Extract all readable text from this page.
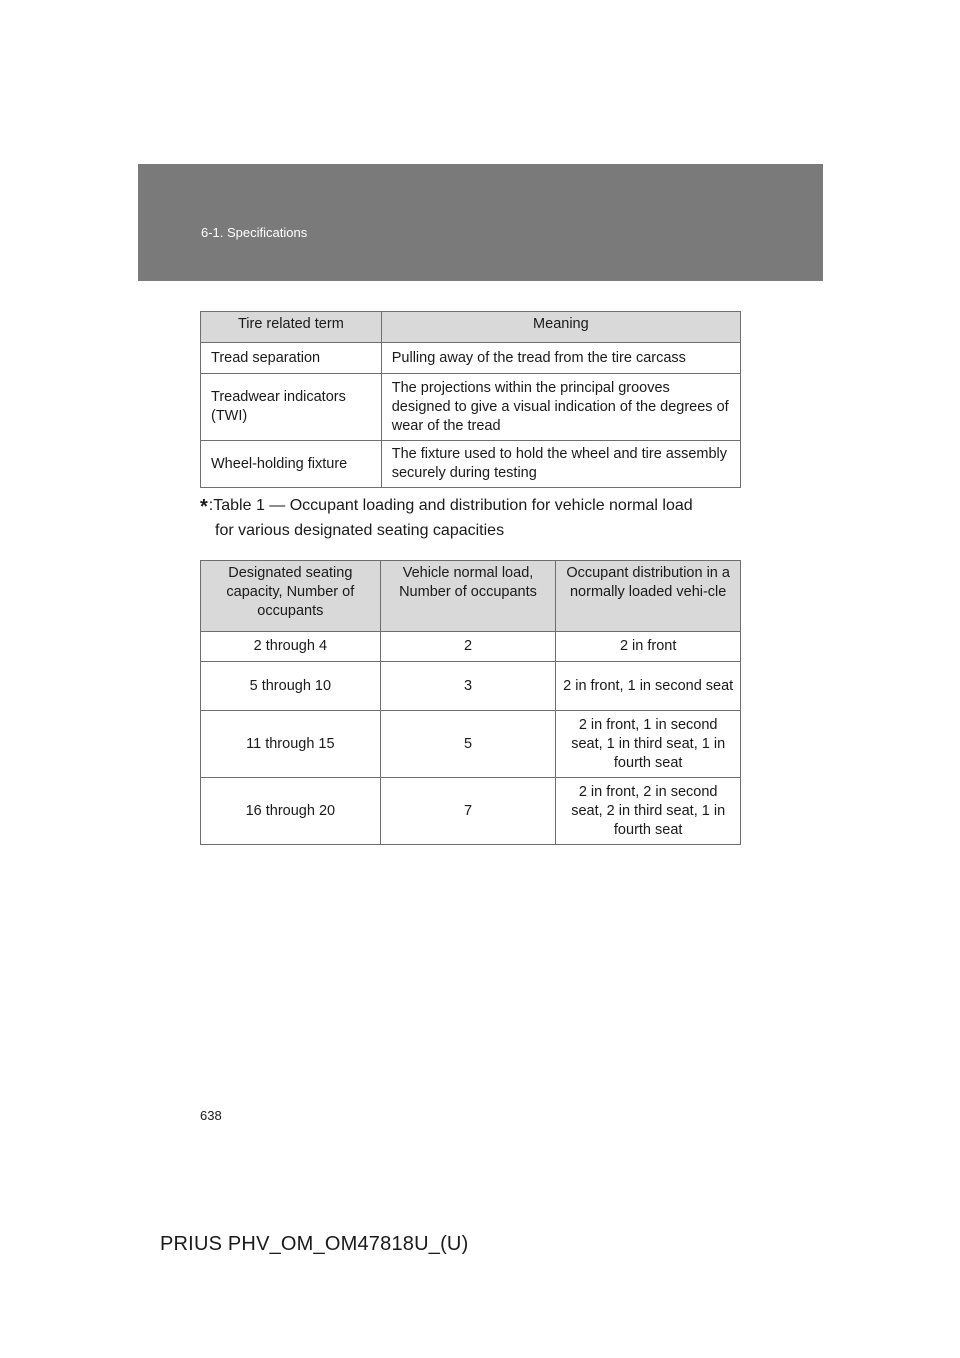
6-1. Specifications
Tire related term	Meaning
Tread separation	Pulling away of the tread from the tire carcass
Treadwear indicators (TWI)	The projections within the principal grooves designed to give a visual indication of the degrees of wear of the tread
Wheel-holding fixture	The fixture used to hold the wheel and tire assembly securely during testing
*:Table 1 — Occupant loading and distribution for vehicle normal load
for various designated seating capacities
Designated seating capacity, Number of occupants	Vehicle normal load, Number of occupants	Occupant distribution in a normally loaded vehi-cle
2 through 4	2	2 in front
5 through 10	3	2 in front, 1 in second seat
11 through 15	5	2 in front, 1 in second seat, 1 in third seat, 1 in fourth seat
16 through 20	7	2 in front, 2 in second seat, 2 in third seat, 1 in fourth seat
638
PRIUS PHV_OM_OM47818U_(U)
